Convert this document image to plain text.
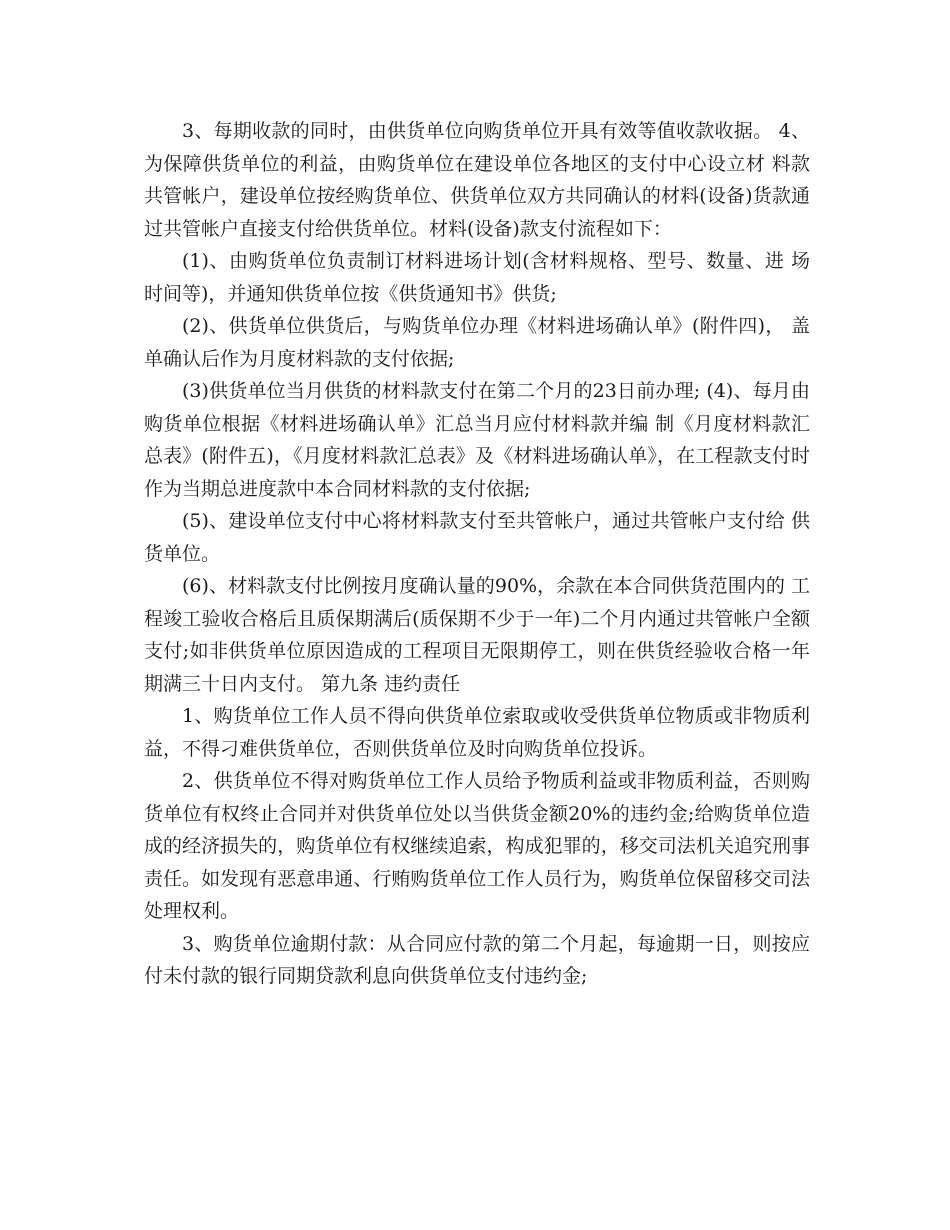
3、每期收款的同时，由供货单位向购货单位开具有效等值收款收据。 4、为保障供货单位的利益，由购货单位在建设单位各地区的支付中心设立材 料款共管帐户，建设单位按经购货单位、供货单位双方共同确认的材料(设备)货款通过共管帐户直接支付给供货单位。材料(设备)款支付流程如下：

(1)、由购货单位负责制订材料进场计划(含材料规格、型号、数量、进 场时间等)，并通知供货单位按《供货通知书》供货;

(2)、供货单位供货后，与购货单位办理《材料进场确认单》(附件四)， 盖单确认后作为月度材料款的支付依据;

(3)供货单位当月供货的材料款支付在第二个月的23日前办理; (4)、每月由购货单位根据《材料进场确认单》汇总当月应付材料款并编 制《月度材料款汇总表》(附件五)，《月度材料款汇总表》及《材料进场确认单》，在工程款支付时作为当期总进度款中本合同材料款的支付依据;

(5)、建设单位支付中心将材料款支付至共管帐户，通过共管帐户支付给 供货单位。

(6)、材料款支付比例按月度确认量的90%，余款在本合同供货范围内的 工程竣工验收合格后且质保期满后(质保期不少于一年)二个月内通过共管帐户全额支付;如非供货单位原因造成的工程项目无限期停工，则在供货经验收合格一年期满三十日内支付。 第九条 违约责任

1、购货单位工作人员不得向供货单位索取或收受供货单位物质或非物质利益，不得刁难供货单位，否则供货单位及时向购货单位投诉。

2、供货单位不得对购货单位工作人员给予物质利益或非物质利益，否则购货单位有权终止合同并对供货单位处以当供货金额20%的违约金;给购货单位造成的经济损失的，购货单位有权继续追索，构成犯罪的，移交司法机关追究刑事责任。如发现有恶意串通、行贿购货单位工作人员行为，购货单位保留移交司法处理权利。

3、购货单位逾期付款：从合同应付款的第二个月起，每逾期一日，则按应付未付款的银行同期贷款利息向供货单位支付违约金;
